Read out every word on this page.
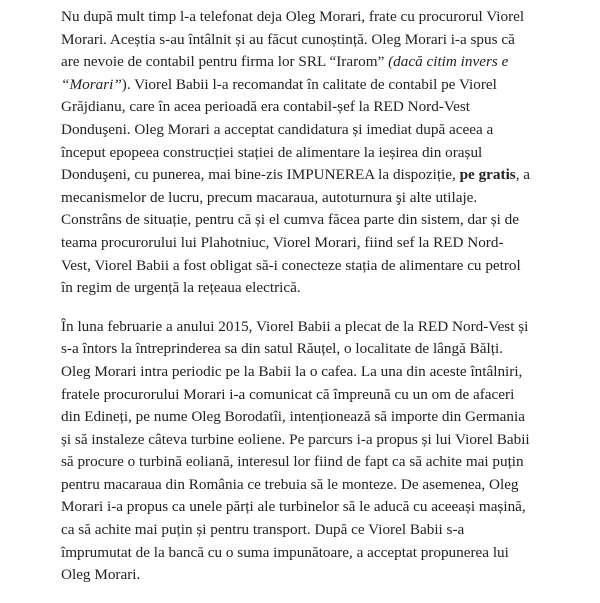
Nu după mult timp l-a telefonat deja Oleg Morari, frate cu procurorul Viorel
Morari. Aceștia s-au întâlnit și au făcut cunoștință. Oleg Morari i-a spus că
are nevoie de contabil pentru firma lor SRL “Irarom” (dacă citim invers e
“Morari”). Viorel Babii l-a recomandat în calitate de contabil pe Viorel
Grăjdianu, care în acea perioadă era contabil-șef la RED Nord-Vest
Donduşeni. Oleg Morari a acceptat candidatura și imediat după aceea a
început epopeea construcției stației de alimentare la ieșirea din orașul
Donduşeni, cu punerea, mai bine-zis IMPUNEREA la dispoziție, pe gratis, a
mecanismelor de lucru, precum macaraua, autoturnura şi alte utilaje.
Constrâns de situație, pentru că și el cumva făcea parte din sistem, dar și de
teama procurorului lui Plahotniuc, Viorel Morari, fiind sef la RED Nord-
Vest, Viorel Babii a fost obligat să-i conecteze stația de alimentare cu petrol
în regim de urgență la rețeaua electrică.

În luna februarie a anului 2015, Viorel Babii a plecat de la RED Nord-Vest și
s-a întors la întreprinderea sa din satul Răuțel, o localitate de lângă Bălți.
Oleg Morari intra periodic pe la Babii la o cafea. La una din aceste întâlniri,
fratele procurorului Morari i-a comunicat că împreună cu un om de afaceri
din Edineți, pe nume Oleg Borodatîi, intenționează să importe din Germania
și să instaleze câteva turbine eoliene. Pe parcurs i-a propus și lui Viorel Babii
să procure o turbină eoliană, interesul lor fiind de fapt ca să achite mai puțin
pentru macaraua din România ce trebuia să le monteze. De asemenea, Oleg
Morari i-a propus ca unele părți ale turbinelor să le aducă cu aceeași mașină,
ca să achite mai puțin și pentru transport. După ce Viorel Babii s-a
împrumutat de la bancă cu o suma impunătoare, a acceptat propunerea lui
Oleg Morari.
